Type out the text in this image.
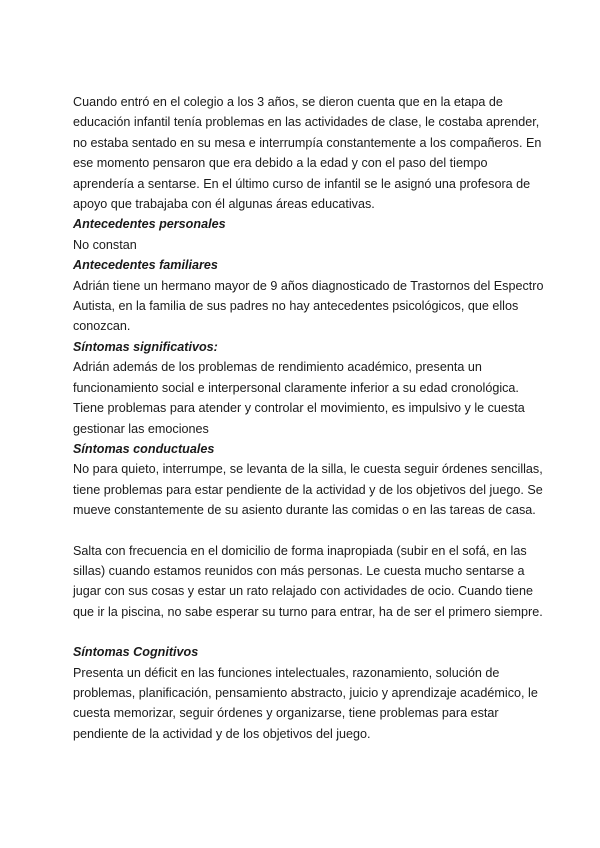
Cuando entró en el colegio a los 3 años, se dieron cuenta que en la etapa de
educación infantil tenía problemas en las actividades de clase, le costaba aprender,
no estaba sentado en su mesa e interrumpía constantemente a los compañeros. En
ese momento pensaron que era debido a la edad y con el paso del tiempo
aprendería a sentarse. En el último curso de infantil se le asignó una profesora de
apoyo que trabajaba con él algunas áreas educativas.
Antecedentes personales
No constan
Antecedentes familiares
Adrián tiene un hermano mayor de 9 años diagnosticado de Trastornos del Espectro
Autista, en la familia de sus padres no hay antecedentes psicológicos, que ellos
conozcan.
Síntomas significativos:
Adrián además de los problemas de rendimiento académico, presenta un
funcionamiento social e interpersonal claramente inferior a su edad cronológica.
Tiene problemas para atender y controlar el movimiento, es impulsivo y le cuesta
gestionar las emociones
Síntomas conductuales
No para quieto, interrumpe, se levanta de la silla, le cuesta seguir órdenes sencillas,
tiene problemas para estar pendiente de la actividad y de los objetivos del juego. Se
mueve constantemente de su asiento durante las comidas o en las tareas de casa.
Salta con frecuencia en el domicilio de forma inapropiada (subir en el sofá, en las
sillas) cuando estamos reunidos con más personas. Le cuesta mucho sentarse a
jugar con sus cosas y estar un rato relajado con actividades de ocio. Cuando tiene
que ir la piscina, no sabe esperar su turno para entrar, ha de ser el primero siempre.
Síntomas Cognitivos
Presenta un déficit en las funciones intelectuales, razonamiento, solución de
problemas, planificación, pensamiento abstracto, juicio y aprendizaje académico, le
cuesta memorizar, seguir órdenes y organizarse, tiene problemas para estar
pendiente de la actividad y de los objetivos del juego.
